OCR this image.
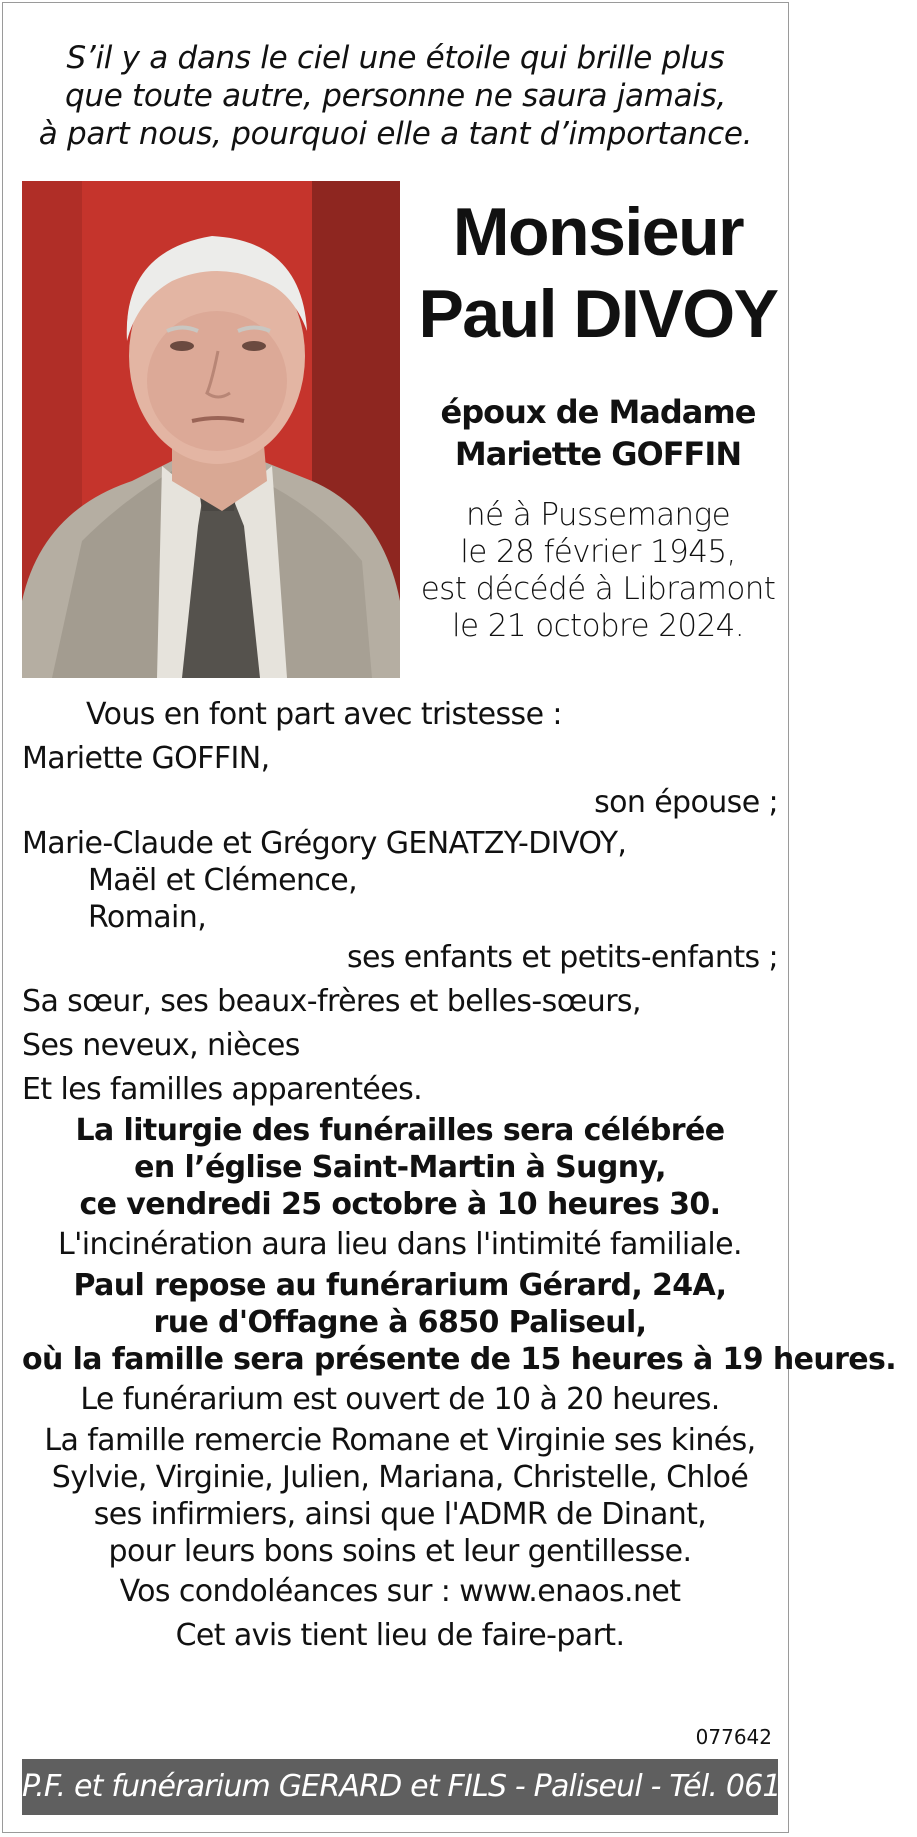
S’il y a dans le ciel une étoile qui brille plus
que toute autre, personne ne saura jamais,
à part nous, pourquoi elle a tant d’importance.

Monsieur
Paul DIVOY
époux de Madame
Mariette GOFFIN
né à Pussemange
le 28 février 1945,
est décédé à Libramont
le 21 octobre 2024.
Vous en font part avec tristesse :
Mariette GOFFIN,
son épouse ;
Marie-Claude et Grégory GENATZY-DIVOY,
Maël et Clémence,
Romain,
ses enfants et petits-enfants ;
Sa sœur, ses beaux-frères et belles-sœurs,
Ses neveux, nièces
Et les familles apparentées.
La liturgie des funérailles sera célébrée
en l’église Saint-Martin à Sugny,
ce vendredi 25 octobre à 10 heures 30.
L'incinération aura lieu dans l'intimité familiale.
Paul repose au funérarium Gérard, 24A,
rue d'Offagne à 6850 Paliseul,
où la famille sera présente de 15 heures à 19 heures.
Le funérarium est ouvert de 10 à 20 heures.
La famille remercie Romane et Virginie ses kinés,
Sylvie, Virginie, Julien, Mariana, Christelle, Chloé
ses infirmiers, ainsi que l'ADMR de Dinant,
pour leurs bons soins et leur gentillesse.
Vos condoléances sur : www.enaos.net
Cet avis tient lieu de faire-part.
077642
P.F. et funérarium GERARD et FILS - Paliseul - Tél. 061 53 32 84
